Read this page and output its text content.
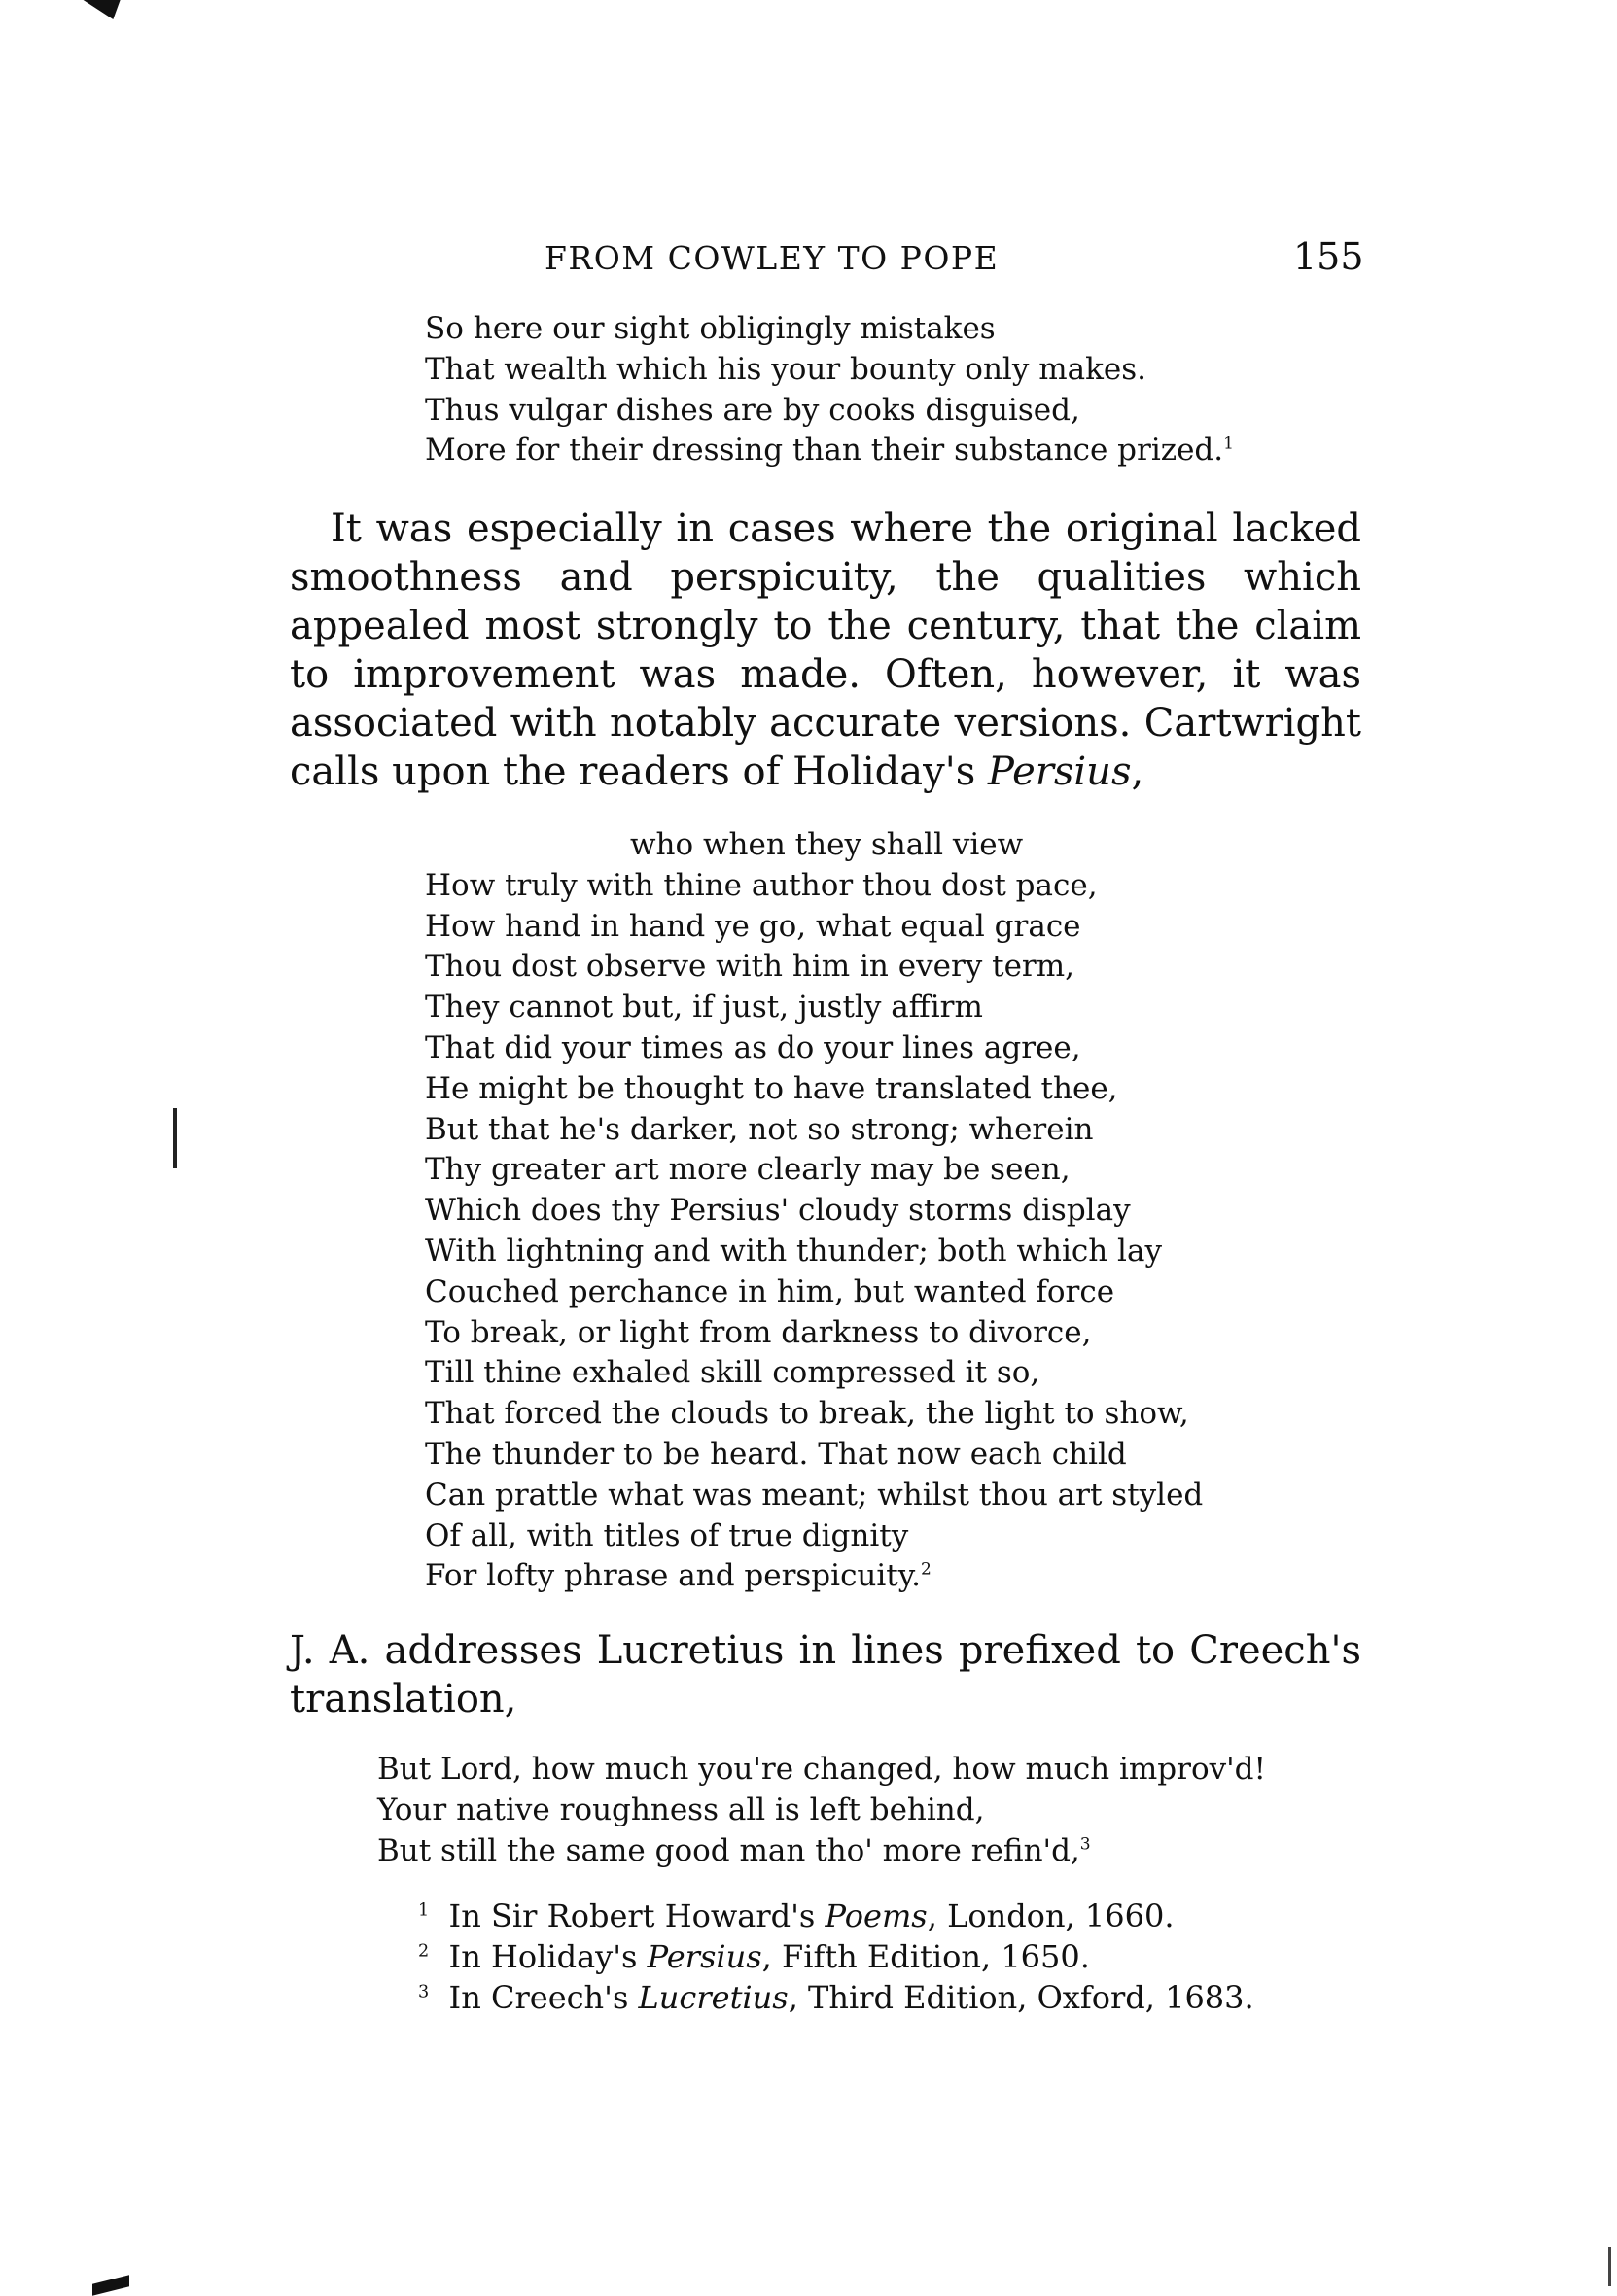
FROM COWLEY TO POPE	155
So here our sight obligingly mistakes
That wealth which his your bounty only makes.
Thus vulgar dishes are by cooks disguised,
More for their dressing than their substance prized.$^1$

It was especially in cases where the original lacked smoothness and perspicuity, the qualities which appealed most strongly to the century, that the claim to improvement was made. Often, however, it was associated with notably accurate versions. Cartwright calls upon the readers of Holiday's Persius,

who when they shall view
How truly with thine author thou dost pace,
How hand in hand ye go, what equal grace
Thou dost observe with him in every term,
They cannot but, if just, justly affirm
That did your times as do your lines agree,
He might be thought to have translated thee,
But that he's darker, not so strong; wherein
Thy greater art more clearly may be seen,
Which does thy Persius' cloudy storms display
With lightning and with thunder; both which lay
Couched perchance in him, but wanted force
To break, or light from darkness to divorce,
Till thine exhaled skill compressed it so,
That forced the clouds to break, the light to show,
The thunder to be heard. That now each child
Can prattle what was meant; whilst thou art styled
Of all, with titles of true dignity
For lofty phrase and perspicuity.$^2$

J. A. addresses Lucretius in lines prefixed to Creech's translation,

But Lord, how much you're changed, how much improv'd!
Your native roughness all is left behind,
But still the same good man tho' more refin'd,$^3$
$^1$ In Sir Robert Howard's Poems, London, 1660.
$^2$ In Holiday's Persius, Fifth Edition, 1650.
$^3$ In Creech's Lucretius, Third Edition, Oxford, 1683.
